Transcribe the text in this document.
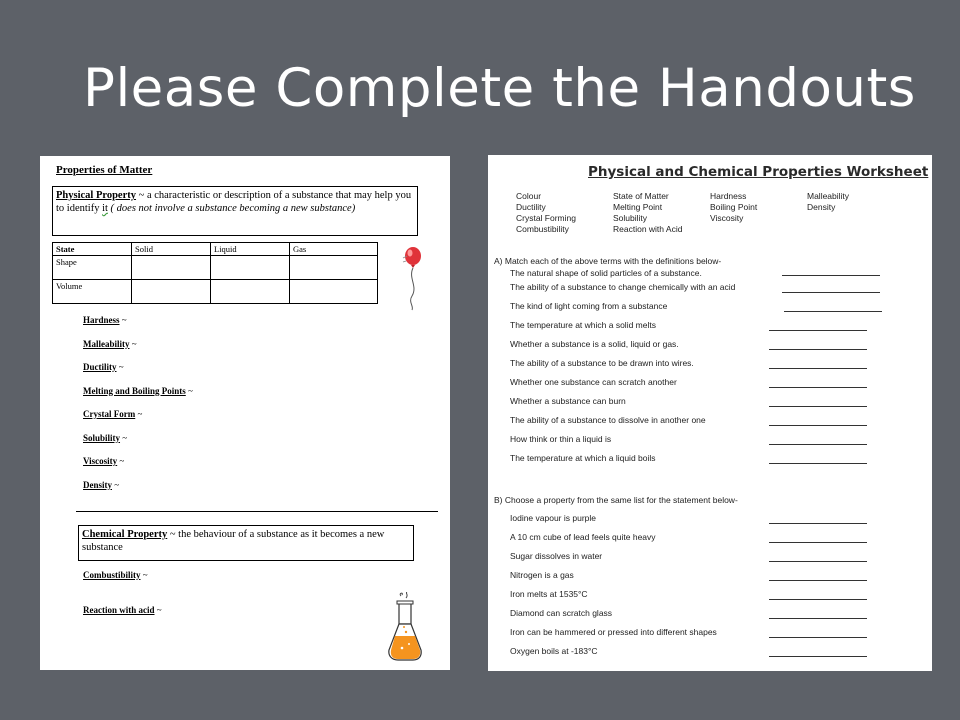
Please Complete the Handouts
Properties of Matter
Physical Property ~ a characteristic or description of a substance that may help you to identify it ( does not involve a substance becoming a new substance)
State	Solid	Liquid	Gas
Shape			
Volume			
Hardness ~
Malleability ~
Ductility ~
Melting and Boiling Points ~
Crystal Form ~
Solubility ~
Viscosity ~
Density ~
Chemical Property ~ the behaviour of a substance as it becomes a new substance
Combustibility ~
Reaction with acid ~
Physical and Chemical Properties Worksheet
Colour	State of Matter	Hardness	Malleability
Ductility	Melting Point	Boiling Point	Density
Crystal Forming	Solubility	Viscosity
Combustibility	Reaction with Acid
A) Match each of the above terms with the definitions below-
The natural shape of solid particles of a substance.
The ability of a substance to change chemically with an acid
The kind of light coming from a substance
The temperature at which a solid melts
Whether a substance is a solid, liquid or gas.
The ability of a substance to be drawn into wires.
Whether one substance can scratch another
Whether a substance can burn
The ability of a substance to dissolve in another one
How think or thin a liquid is
The temperature at which a liquid boils
B) Choose a property from the same list for the statement below-
Iodine vapour is purple
A 10 cm cube of lead feels quite heavy
Sugar dissolves in water
Nitrogen is a gas
Iron melts at 1535°C
Diamond can scratch glass
Iron can be hammered or pressed into different shapes
Oxygen boils at -183°C
